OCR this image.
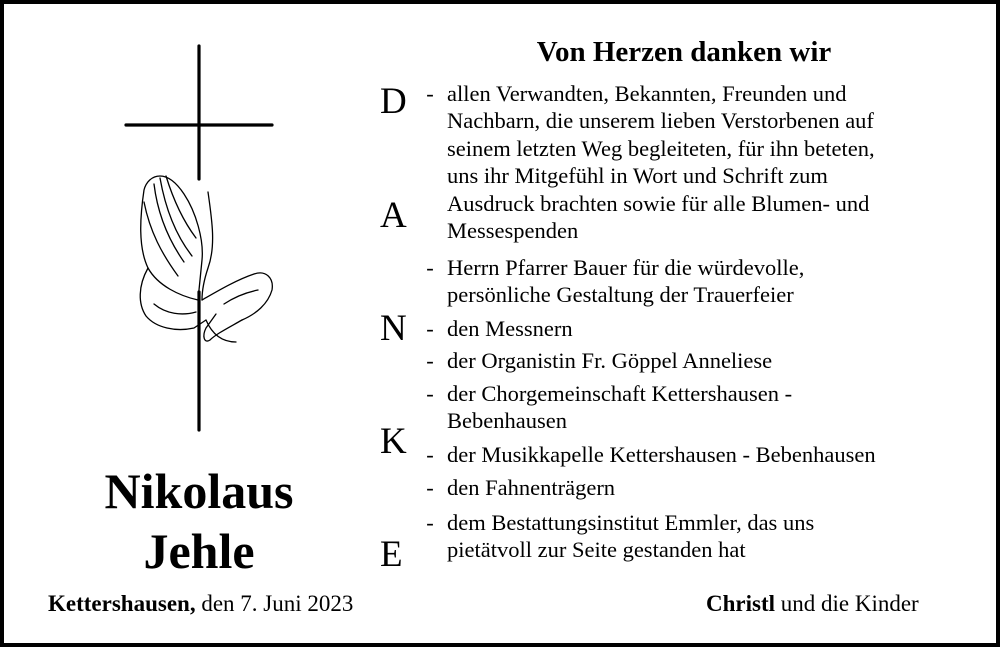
Nikolaus
Jehle
Kettershausen, den 7. Juni 2023
Von Herzen danken wir
D
A
N
K
E
- allen Verwandten, Bekannten, Freunden und
Nachbarn, die unserem lieben Verstorbenen auf
seinem letzten Weg begleiteten, für ihn beteten,
uns ihr Mitgefühl in Wort und Schrift zum
Ausdruck brachten sowie für alle Blumen- und
Messespenden
- Herrn Pfarrer Bauer für die würdevolle,
persönliche Gestaltung der Trauerfeier
- den Messnern
- der Organistin Fr. Göppel Anneliese
- der Chorgemeinschaft Kettershausen -
Bebenhausen
- der Musikkapelle Kettershausen - Bebenhausen
- den Fahnenträgern
- dem Bestattungsinstitut Emmler, das uns
pietätvoll zur Seite gestanden hat
Christl und die Kinder
